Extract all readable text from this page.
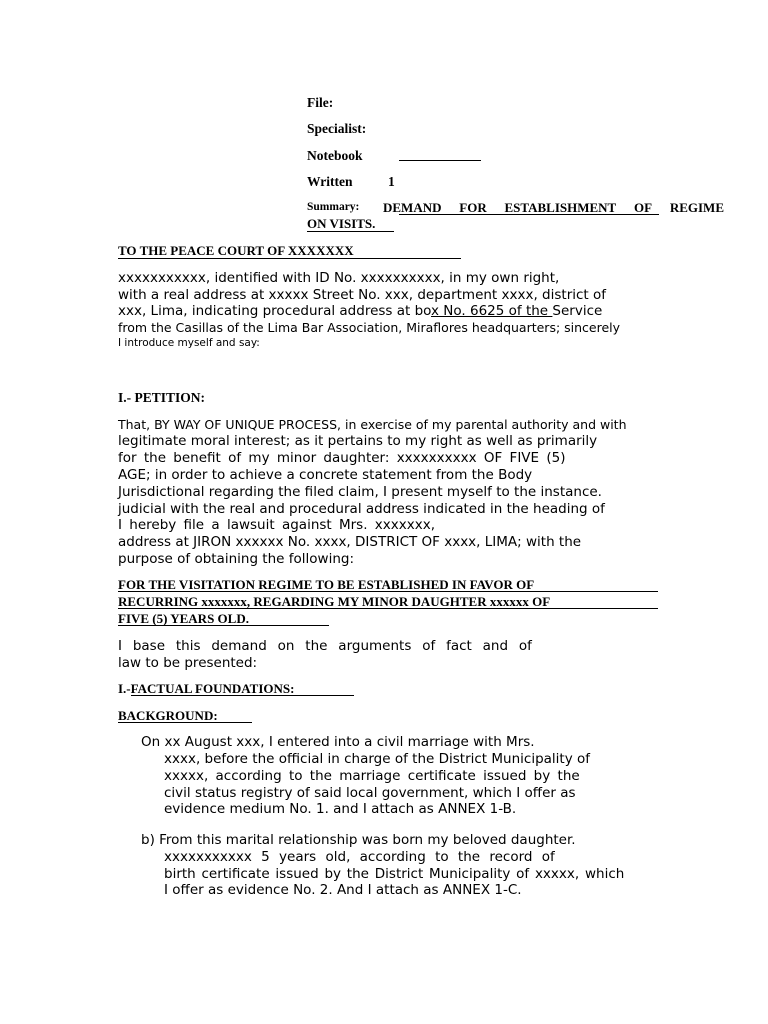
File:
Specialist:
Notebook
Written	1
Summary: DEMAND FOR ESTABLISHMENT OF REGIME
ON VISITS.
TO THE PEACE COURT OF XXXXXXX
xxxxxxxxxxx, identified with ID No. xxxxxxxxxx, in my own right,
with a real address at xxxxx Street No. xxx, department xxxx, district of
xxx, Lima, indicating procedural address at box No. 6625 of the Service
from the Casillas of the Lima Bar Association, Miraflores headquarters; sincerely
I introduce myself and say:
I.- PETITION:
That, BY WAY OF UNIQUE PROCESS, in exercise of my parental authority and with
legitimate moral interest; as it pertains to my right as well as primarily
for the benefit of my minor daughter: xxxxxxxxxx OF FIVE (5)
AGE; in order to achieve a concrete statement from the Body
Jurisdictional regarding the filed claim, I present myself to the instance.
judicial with the real and procedural address indicated in the heading of
I hereby file a lawsuit against Mrs. xxxxxxx,
address at JIRON xxxxxx No. xxxx, DISTRICT OF xxxx, LIMA; with the
purpose of obtaining the following:
FOR THE VISITATION REGIME TO BE ESTABLISHED IN FAVOR OF
RECURRING xxxxxxx, REGARDING MY MINOR DAUGHTER xxxxxx OF
FIVE (5) YEARS OLD.
I base this demand on the arguments of fact and of
law to be presented:
I.-FACTUAL FOUNDATIONS:
BACKGROUND:
On xx August xxx, I entered into a civil marriage with Mrs.
xxxx, before the official in charge of the District Municipality of
xxxxx, according to the marriage certificate issued by the
civil status registry of said local government, which I offer as
evidence medium No. 1. and I attach as ANNEX 1-B.
b) From this marital relationship was born my beloved daughter.
xxxxxxxxxxx 5 years old, according to the record of
birth certificate issued by the District Municipality of xxxxx, which
I offer as evidence No. 2. And I attach as ANNEX 1-C.
